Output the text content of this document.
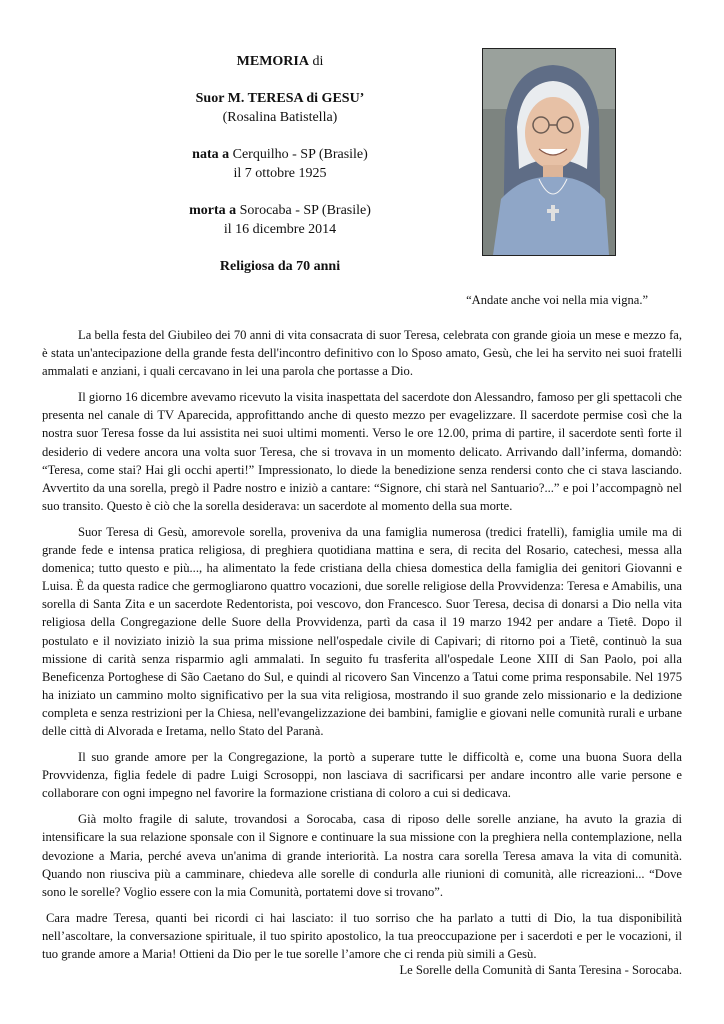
MEMORIA di

Suor M. TERESA di GESU’

(Rosalina Batistella)

nata a Cerquilho - SP (Brasile)

il 7 ottobre 1925

morta a Sorocaba - SP (Brasile)

il 16 dicembre 2014

Religiosa da 70 anni

“Andate anche voi nella mia vigna.”

La bella festa del Giubileo dei 70 anni di vita consacrata di suor Teresa, celebrata con grande gioia un mese e mezzo fa, è stata un'antecipazione della grande festa dell'incontro definitivo con lo Sposo amato, Gesù, che lei ha servito nei suoi fratelli ammalati e anziani, i quali cercavano in lei una parola che portasse a Dio.

Il giorno 16 dicembre avevamo ricevuto la visita inaspettata del sacerdote don Alessandro, famoso per gli spettacoli che presenta nel canale di TV Aparecida, approfittando anche di questo mezzo per evagelizzare. Il sacerdote permise così che la nostra suor Teresa fosse da lui assistita nei suoi ultimi momenti. Verso le ore 12.00, prima di partire, il sacerdote sentì forte il desiderio di vedere ancora una volta suor Teresa, che si trovava in un momento delicato. Arrivando dall’inferma, domandò: “Teresa, come stai? Hai gli occhi aperti!” Impressionato, lo diede la benedizione senza rendersi conto che ci stava lasciando. Avvertito da una sorella, pregò il Padre nostro e iniziò a cantare: “Signore, chi starà nel Santuario?...” e poi l’accompagnò nel suo transito. Questo è ciò che la sorella desiderava: un sacerdote al momento della sua morte.

Suor Teresa di Gesù, amorevole sorella, proveniva da una famiglia numerosa (tredici fratelli), famiglia umile ma di grande fede e intensa pratica religiosa, di preghiera quotidiana mattina e sera, di recita del Rosario, catechesi, messa alla domenica; tutto questo e più..., ha alimentato la fede cristiana della chiesa domestica della famiglia dei genitori Giovanni e Luisa. È da questa radice che germogliarono quattro vocazioni, due sorelle religiose della Provvidenza: Teresa e Amabilis, una sorella di Santa Zita e un sacerdote Redentorista, poi vescovo, don Francesco. Suor Teresa, decisa di donarsi a Dio nella vita religiosa della Congregazione delle Suore della Provvidenza, partì da casa il 19 marzo 1942 per andare a Tietê. Dopo il postulato e il noviziato iniziò la sua prima missione nell'ospedale civile di Capivari; di ritorno poi a Tietê, continuò la sua missione di carità senza risparmio agli ammalati. In seguito fu trasferita all'ospedale Leone XIII di San Paolo, poi alla Beneficenza Portoghese di São Caetano do Sul, e quindi al ricovero San Vincenzo a Tatui come prima responsabile. Nel 1975 ha iniziato un cammino molto significativo per la sua vita religiosa, mostrando il suo grande zelo missionario e la dedizione completa e senza restrizioni per la Chiesa, nell'evangelizzazione dei bambini, famiglie e giovani nelle comunità rurali e urbane delle città di Alvorada e Iretama, nello Stato del Paranà.

Il suo grande amore per la Congregazione, la portò a superare tutte le difficoltà e, come una buona Suora della Provvidenza, figlia fedele di padre Luigi Scrosoppi, non lasciava di sacrificarsi per andare incontro alle varie persone e collaborare con ogni impegno nel favorire la formazione cristiana di coloro a cui si dedicava.

Già molto fragile di salute, trovandosi a Sorocaba, casa di riposo delle sorelle anziane, ha avuto la grazia di intensificare la sua relazione sponsale con il Signore e continuare la sua missione con la preghiera nella contemplazione, nella devozione a Maria, perché aveva un'anima di grande interiorità. La nostra cara sorella Teresa amava la vita di comunità. Quando non riusciva più a camminare, chiedeva alle sorelle di condurla alle riunioni di comunità, alle ricreazioni... “Dove sono le sorelle? Voglio essere con la mia Comunità, portatemi dove si trovano”.

Cara madre Teresa, quanti bei ricordi ci hai lasciato: il tuo sorriso che ha parlato a tutti di Dio, la tua disponibilità nell’ascoltare, la conversazione spirituale, il tuo spirito apostolico, la tua preoccupazione per i sacerdoti e per le vocazioni, il tuo grande amore a Maria! Ottieni da Dio per le tue sorelle l’amore che ci renda più simili a Gesù.

Le Sorelle della Comunità di Santa Teresina - Sorocaba.
